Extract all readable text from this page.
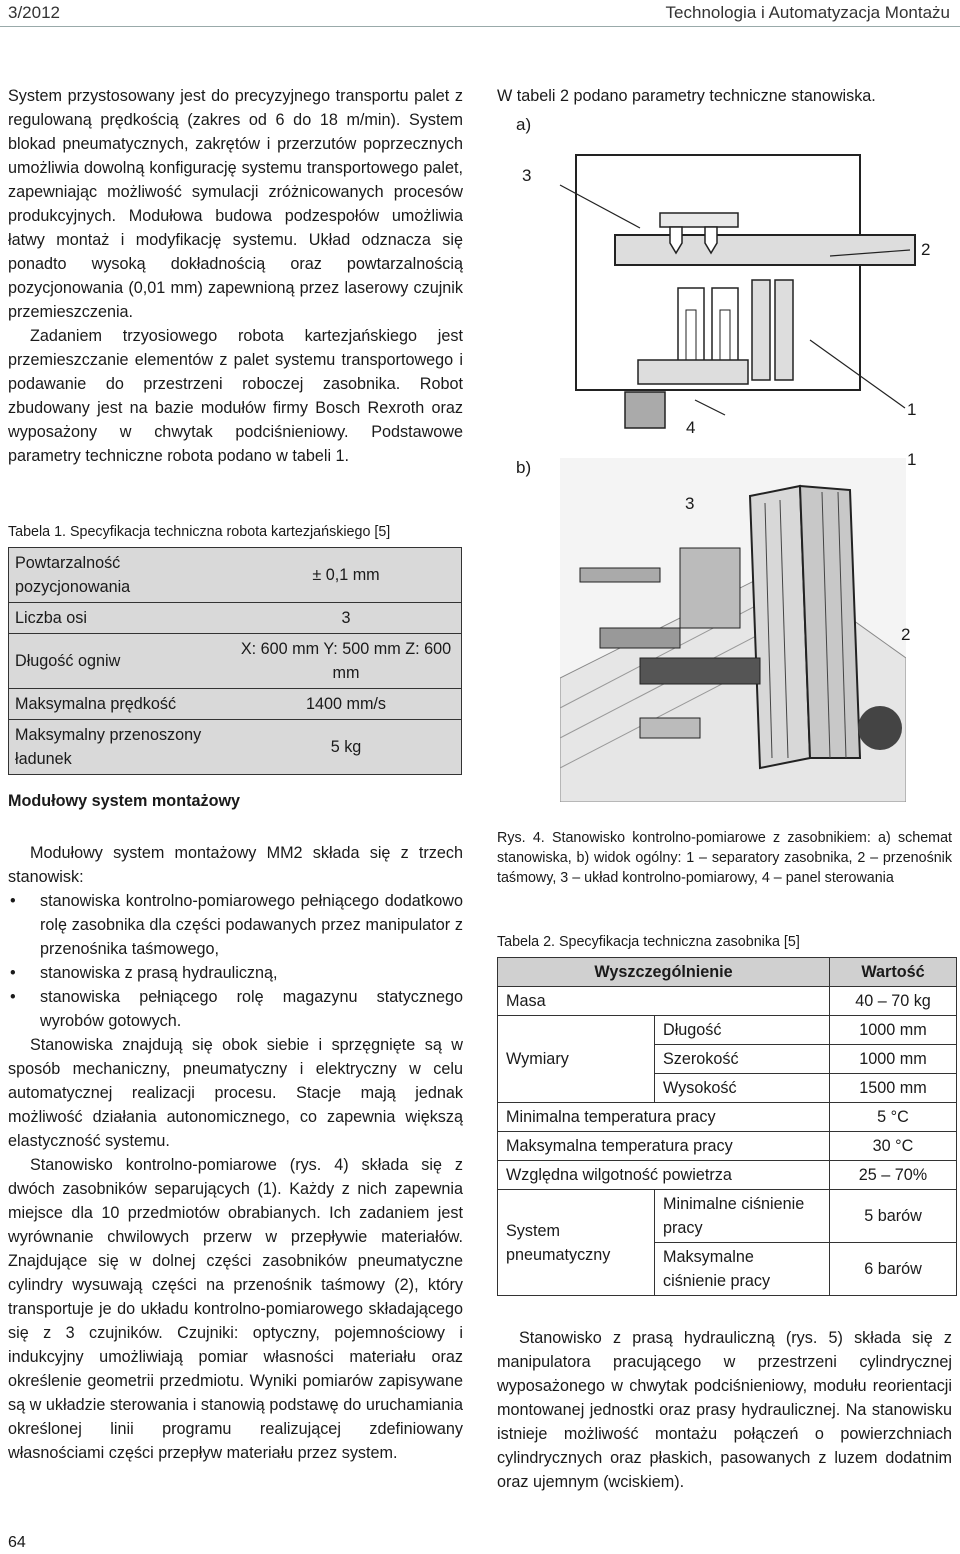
3/2012	Technologia i Automatyzacja Montażu

System przystosowany jest do precyzyjnego transportu palet z regulowaną prędkością (zakres od 6 do 18 m/min). System blokad pneumatycznych, zakrętów i przerzutów poprzecznych umożliwia dowolną konfigurację systemu transportowego palet, zapewniając możliwość symulacji zróżnicowanych procesów produkcyjnych. Modułowa budowa podzespołów umożliwia łatwy montaż i modyfikację systemu. Układ odznacza się ponadto wysoką dokładnością oraz powtarzalnością pozycjonowania (0,01 mm) zapewnioną przez laserowy czujnik przemieszczenia.

Zadaniem trzyosiowego robota kartezjańskiego jest przemieszczanie elementów z palet systemu transportowego i podawanie do przestrzeni roboczej zasobnika. Robot zbudowany jest na bazie modułów firmy Bosch Rexroth oraz wyposażony w chwytak podciśnieniowy. Podstawowe parametry techniczne robota podano w tabeli 1.

Tabela 1. Specyfikacja techniczna robota kartezjańskiego [5]

Powtarzalność pozycjonowania	± 0,1 mm
Liczba osi	3
Długość ogniw	X: 600 mm Y: 500 mm Z: 600 mm
Maksymalna prędkość	1400 mm/s
Maksymalny przenoszony ładunek	5 kg
Modułowy system montażowy

Modułowy system montażowy MM2 składa się z trzech stanowisk:

• stanowiska kontrolno-pomiarowego pełniącego dodatkowo rolę zasobnika dla części podawanych przez manipulator z przenośnika taśmowego,
• stanowiska z prasą hydrauliczną,
• stanowiska pełniącego rolę magazynu statycznego wyrobów gotowych.

Stanowiska znajdują się obok siebie i sprzęgnięte są w sposób mechaniczny, pneumatyczny i elektryczny w celu automatycznej realizacji procesu. Stacje mają jednak możliwość działania autonomicznego, co zapewnia większą elastyczność systemu.

Stanowisko kontrolno-pomiarowe (rys. 4) składa się z dwóch zasobników separujących (1). Każdy z nich zapewnia miejsce dla 10 przedmiotów obrabianych. Ich zadaniem jest wyrównanie chwilowych przerw w przepływie materiałów. Znajdujące się w dolnej części zasobników pneumatyczne cylindry wysuwają części na przenośnik taśmowy (2), który transportuje je do układu kontrolno-pomiarowego składającego się z 3 czujników. Czujniki: optyczny, pojemnościowy i indukcyjny umożliwiają pomiar własności materiału oraz określenie geometrii przedmiotu. Wyniki pomiarów zapisywane są w układzie sterowania i stanowią podstawę do uruchamiania określonej linii programu realizującej zdefiniowany własnościami części przepływ materiału przez system.

W tabeli 2 podano parametry techniczne stanowiska.

a)
b)
3
2
4
1
1
3
2

Rys. 4. Stanowisko kontrolno-pomiarowe z zasobnikiem: a) schemat stanowiska, b) widok ogólny: 1 – separatory zasobnika, 2 – przenośnik taśmowy, 3 – układ kontrolno-pomiarowy, 4 – panel sterowania

Tabela 2. Specyfikacja techniczna zasobnika [5]

Wyszczególnienie		Wartość
Masa		40 – 70 kg
Wymiary	Długość	1000 mm
	Szerokość	1000 mm
	Wysokość	1500 mm
Minimalna temperatura pracy		5 °C
Maksymalna temperatura pracy		30 °C
Względna wilgotność powietrza		25 – 70%
System pneumatyczny	Minimalne ciśnienie pracy	5 barów
	Maksymalne ciśnienie pracy	6 barów

Stanowisko z prasą hydrauliczną (rys. 5) składa się z manipulatora pracującego w przestrzeni cylindrycznej wyposażonego w chwytak podciśnieniowy, modułu reorientacji montowanej jednostki oraz prasy hydraulicznej. Na stanowisku istnieje możliwość montażu połączeń o powierzchniach cylindrycznych oraz płaskich, pasowanych z luzem dodatnim oraz ujemnym (wciskiem).

64
